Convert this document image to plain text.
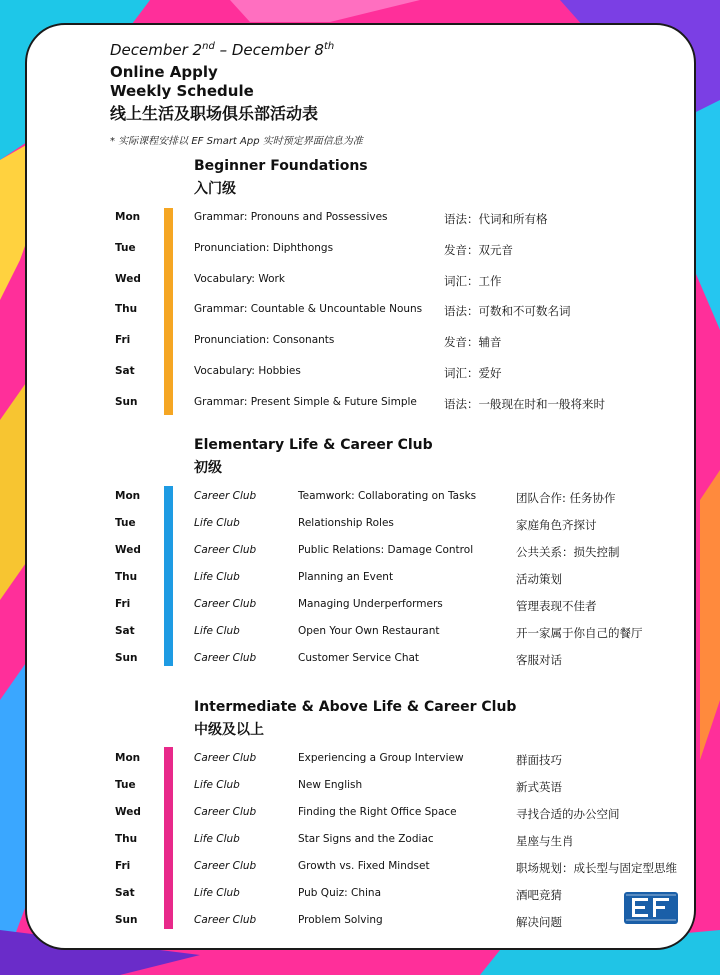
December 2nd – December 8th
Online Apply
Weekly Schedule
线上生活及职场俱乐部活动表
* 实际课程安排以 EF Smart App 实时预定界面信息为准
Beginner Foundations
入门级
Mon	Grammar: Pronouns and Possessives	语法：代词和所有格
Tue	Pronunciation: Diphthongs	发音：双元音
Wed	Vocabulary: Work	词汇：工作
Thu	Grammar: Countable & Uncountable Nouns 语法：可数和不可数名词
Fri	Pronunciation: Consonants	发音：辅音
Sat	Vocabulary: Hobbies	词汇：爱好
Sun	Grammar: Present Simple & Future Simple 语法：一般现在时和一般将来时
Elementary Life & Career Club
初级
Mon	Career Club	Teamwork: Collaborating on Tasks	团队合作: 任务协作
Tue	Life Club	Relationship Roles	家庭角色齐探讨
Wed	Career Club	Public Relations: Damage Control	公共关系：损失控制
Thu	Life Club	Planning an Event	活动策划
Fri	Career Club	Managing Underperformers	管理表现不佳者
Sat	Life Club	Open Your Own Restaurant	开一家属于你自己的餐厅
Sun	Career Club	Customer Service Chat	客服对话
Intermediate & Above Life & Career Club
中级及以上
Mon	Career Club	Experiencing a Group Interview	群面技巧
Tue	Life Club	New English	新式英语
Wed	Career Club	Finding the Right Office Space	寻找合适的办公空间
Thu	Life Club	Star Signs and the Zodiac	星座与生肖
Fri	Career Club	Growth vs. Fixed Mindset	职场规划：成长型与固定型思维
Sat	Life Club	Pub Quiz: China	酒吧竞猜
Sun	Career Club	Problem Solving	解决问题
